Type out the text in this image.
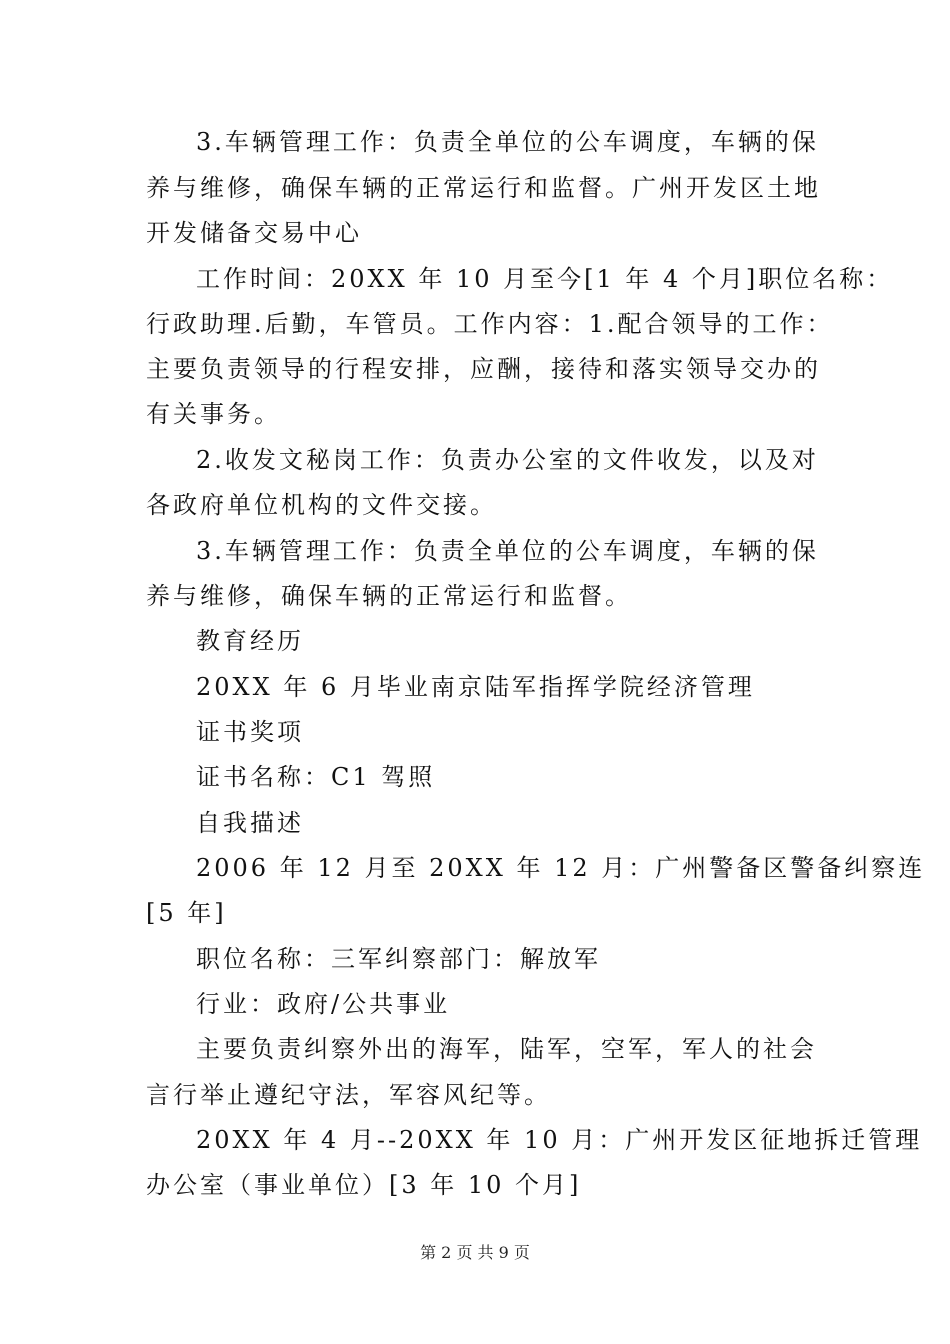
3.车辆管理工作：负责全单位的公车调度，车辆的保
养与维修，确保车辆的正常运行和监督。广州开发区土地
开发储备交易中心
工作时间：20XX 年 10 月至今[1 年 4 个月]职位名称：
行政助理.后勤，车管员。工作内容：1.配合领导的工作：
主要负责领导的行程安排，应酬，接待和落实领导交办的
有关事务。
2.收发文秘岗工作：负责办公室的文件收发，以及对
各政府单位机构的文件交接。
3.车辆管理工作：负责全单位的公车调度，车辆的保
养与维修，确保车辆的正常运行和监督。
教育经历
20XX 年 6 月毕业南京陆军指挥学院经济管理
证书奖项
证书名称：C1 驾照
自我描述
2006 年 12 月至 20XX 年 12 月：广州警备区警备纠察连
[5 年]
职位名称：三军纠察部门：解放军
行业：政府/公共事业
主要负责纠察外出的海军，陆军，空军，军人的社会
言行举止遵纪守法，军容风纪等。
20XX 年 4 月--20XX 年 10 月：广州开发区征地拆迁管理
办公室（事业单位）[3 年 10 个月]
第 2 页 共 9 页
